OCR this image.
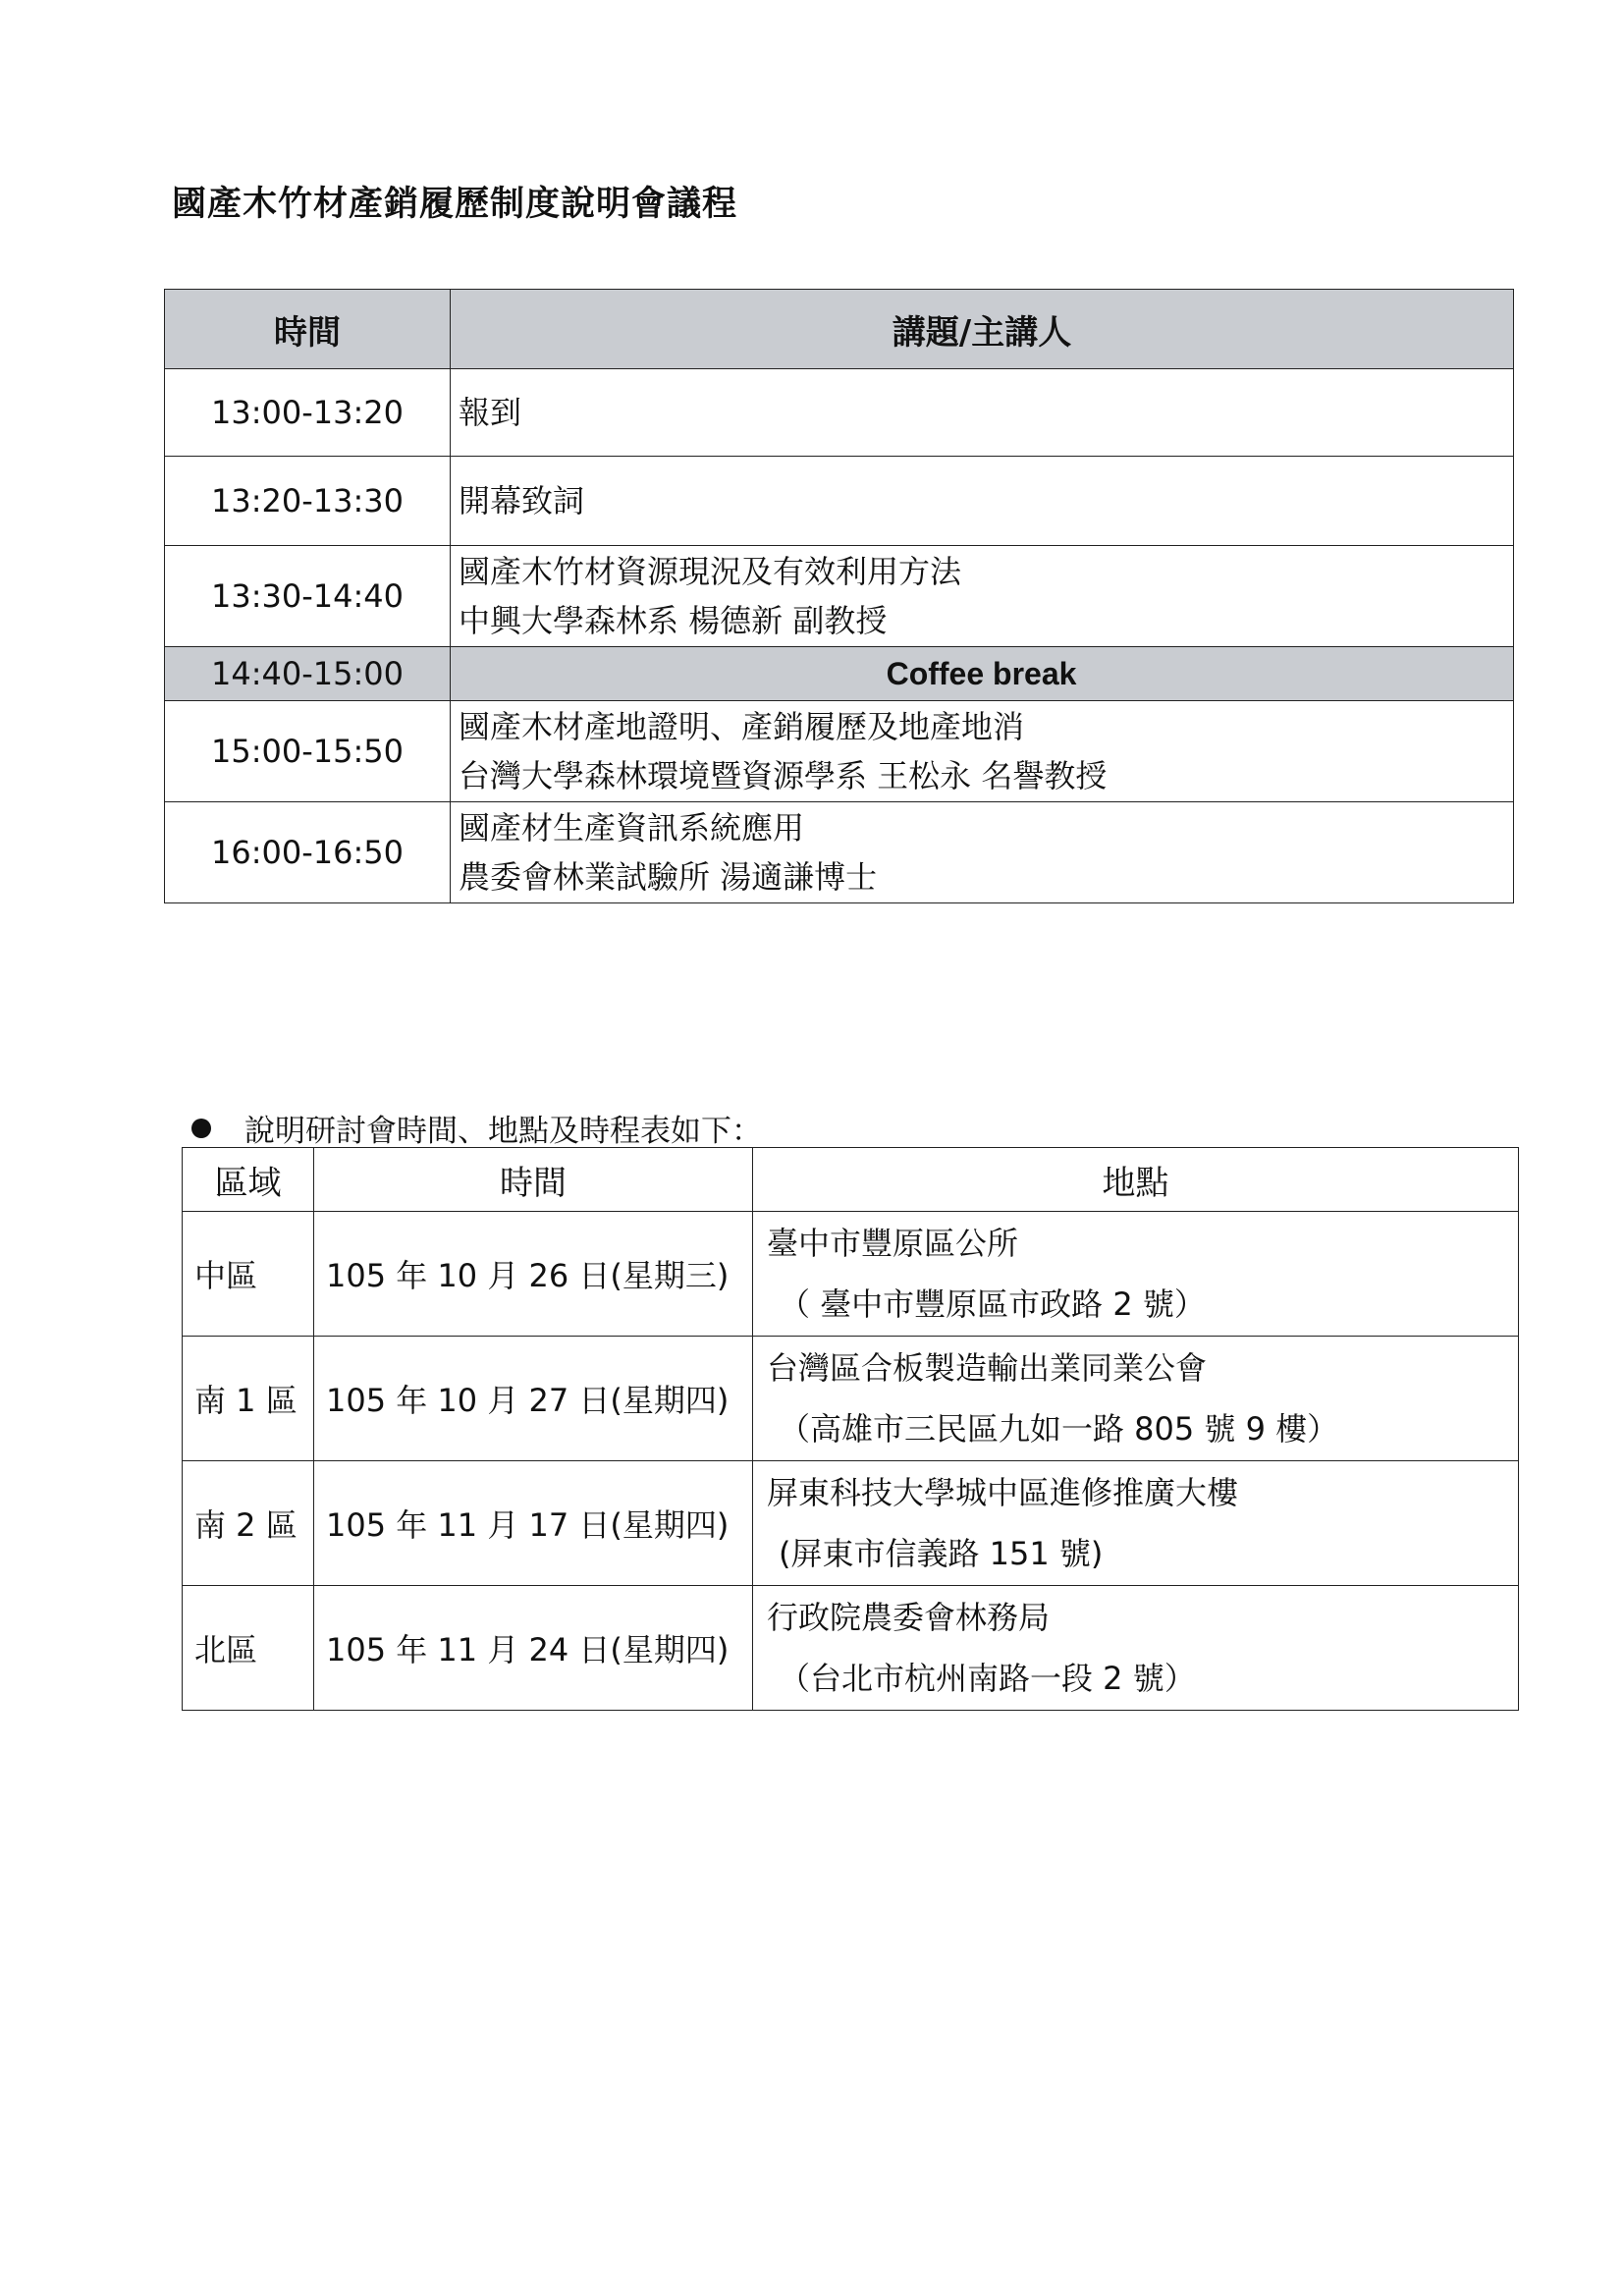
國產木竹材產銷履歷制度說明會議程
時間	講題/主講人
13:00-13:20	報到

13:20-13:30	開幕致詞

13:30-14:40	國產木竹材資源現況及有效利用方法
中興大學森林系 楊德新 副教授

14:40-15:00	Coffee break
15:00-15:50	國產木材產地證明、產銷履歷及地產地消
台灣大學森林環境暨資源學系 王松永 名譽教授

16:00-16:50	國產材生產資訊系統應用
農委會林業試驗所 湯適謙博士
說明研討會時間、地點及時程表如下：
區域	時間	地點
中區	105 年 10 月 26 日(星期三)	臺中市豐原區公所
（ 臺中市豐原區市政路 2 號）

南 1 區	105 年 10 月 27 日(星期四)	台灣區合板製造輸出業同業公會
（高雄市三民區九如一路 805 號 9 樓）

南 2 區	105 年 11 月 17 日(星期四)	屏東科技大學城中區進修推廣大樓
(屏東市信義路 151 號)

北區	105 年 11 月 24 日(星期四)	行政院農委會林務局
（台北市杭州南路一段 2 號）
